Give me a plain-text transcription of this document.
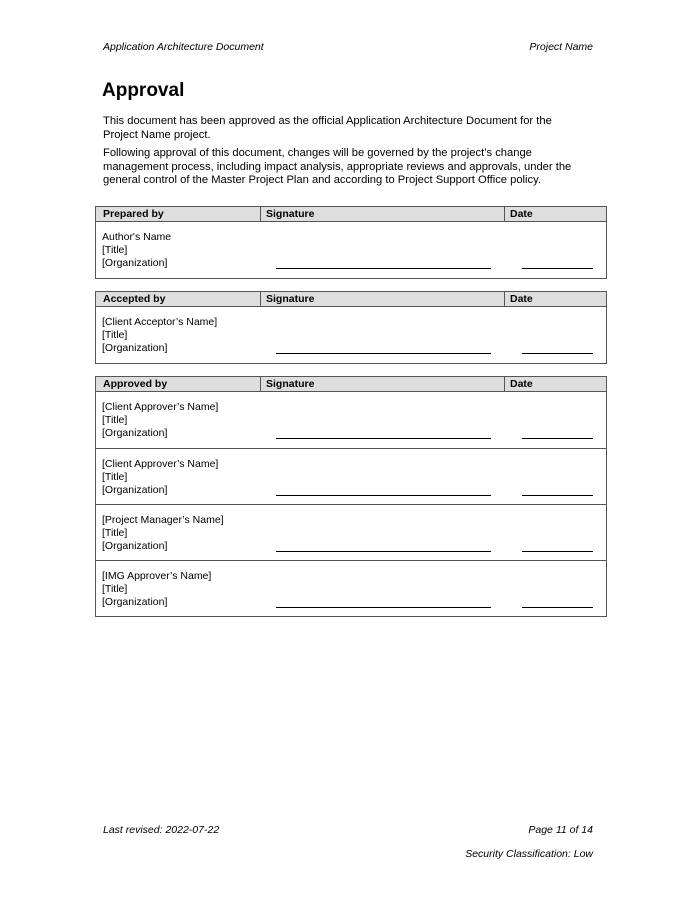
Application Architecture Document	Project Name
Approval

This document has been approved as the official Application Architecture Document for the Project Name project.

Following approval of this document, changes will be governed by the project’s change management process, including impact analysis, appropriate reviews and approvals, under the general control of the Master Project Plan and according to Project Support Office policy.

Prepared by	Signature	Date
Author's Name
[Title]
[Organization]
Accepted by	Signature	Date
[Client Acceptor’s Name]
[Title]
[Organization]
Approved by	Signature	Date
[Client Approver’s Name]
[Title]
[Organization]
[Client Approver’s Name]
[Title]
[Organization]
[Project Manager’s Name]
[Title]
[Organization]
[IMG Approver’s Name]
[Title]
[Organization]
Last revised: 2022-07-22	Page 11 of 14
Security Classification: Low
